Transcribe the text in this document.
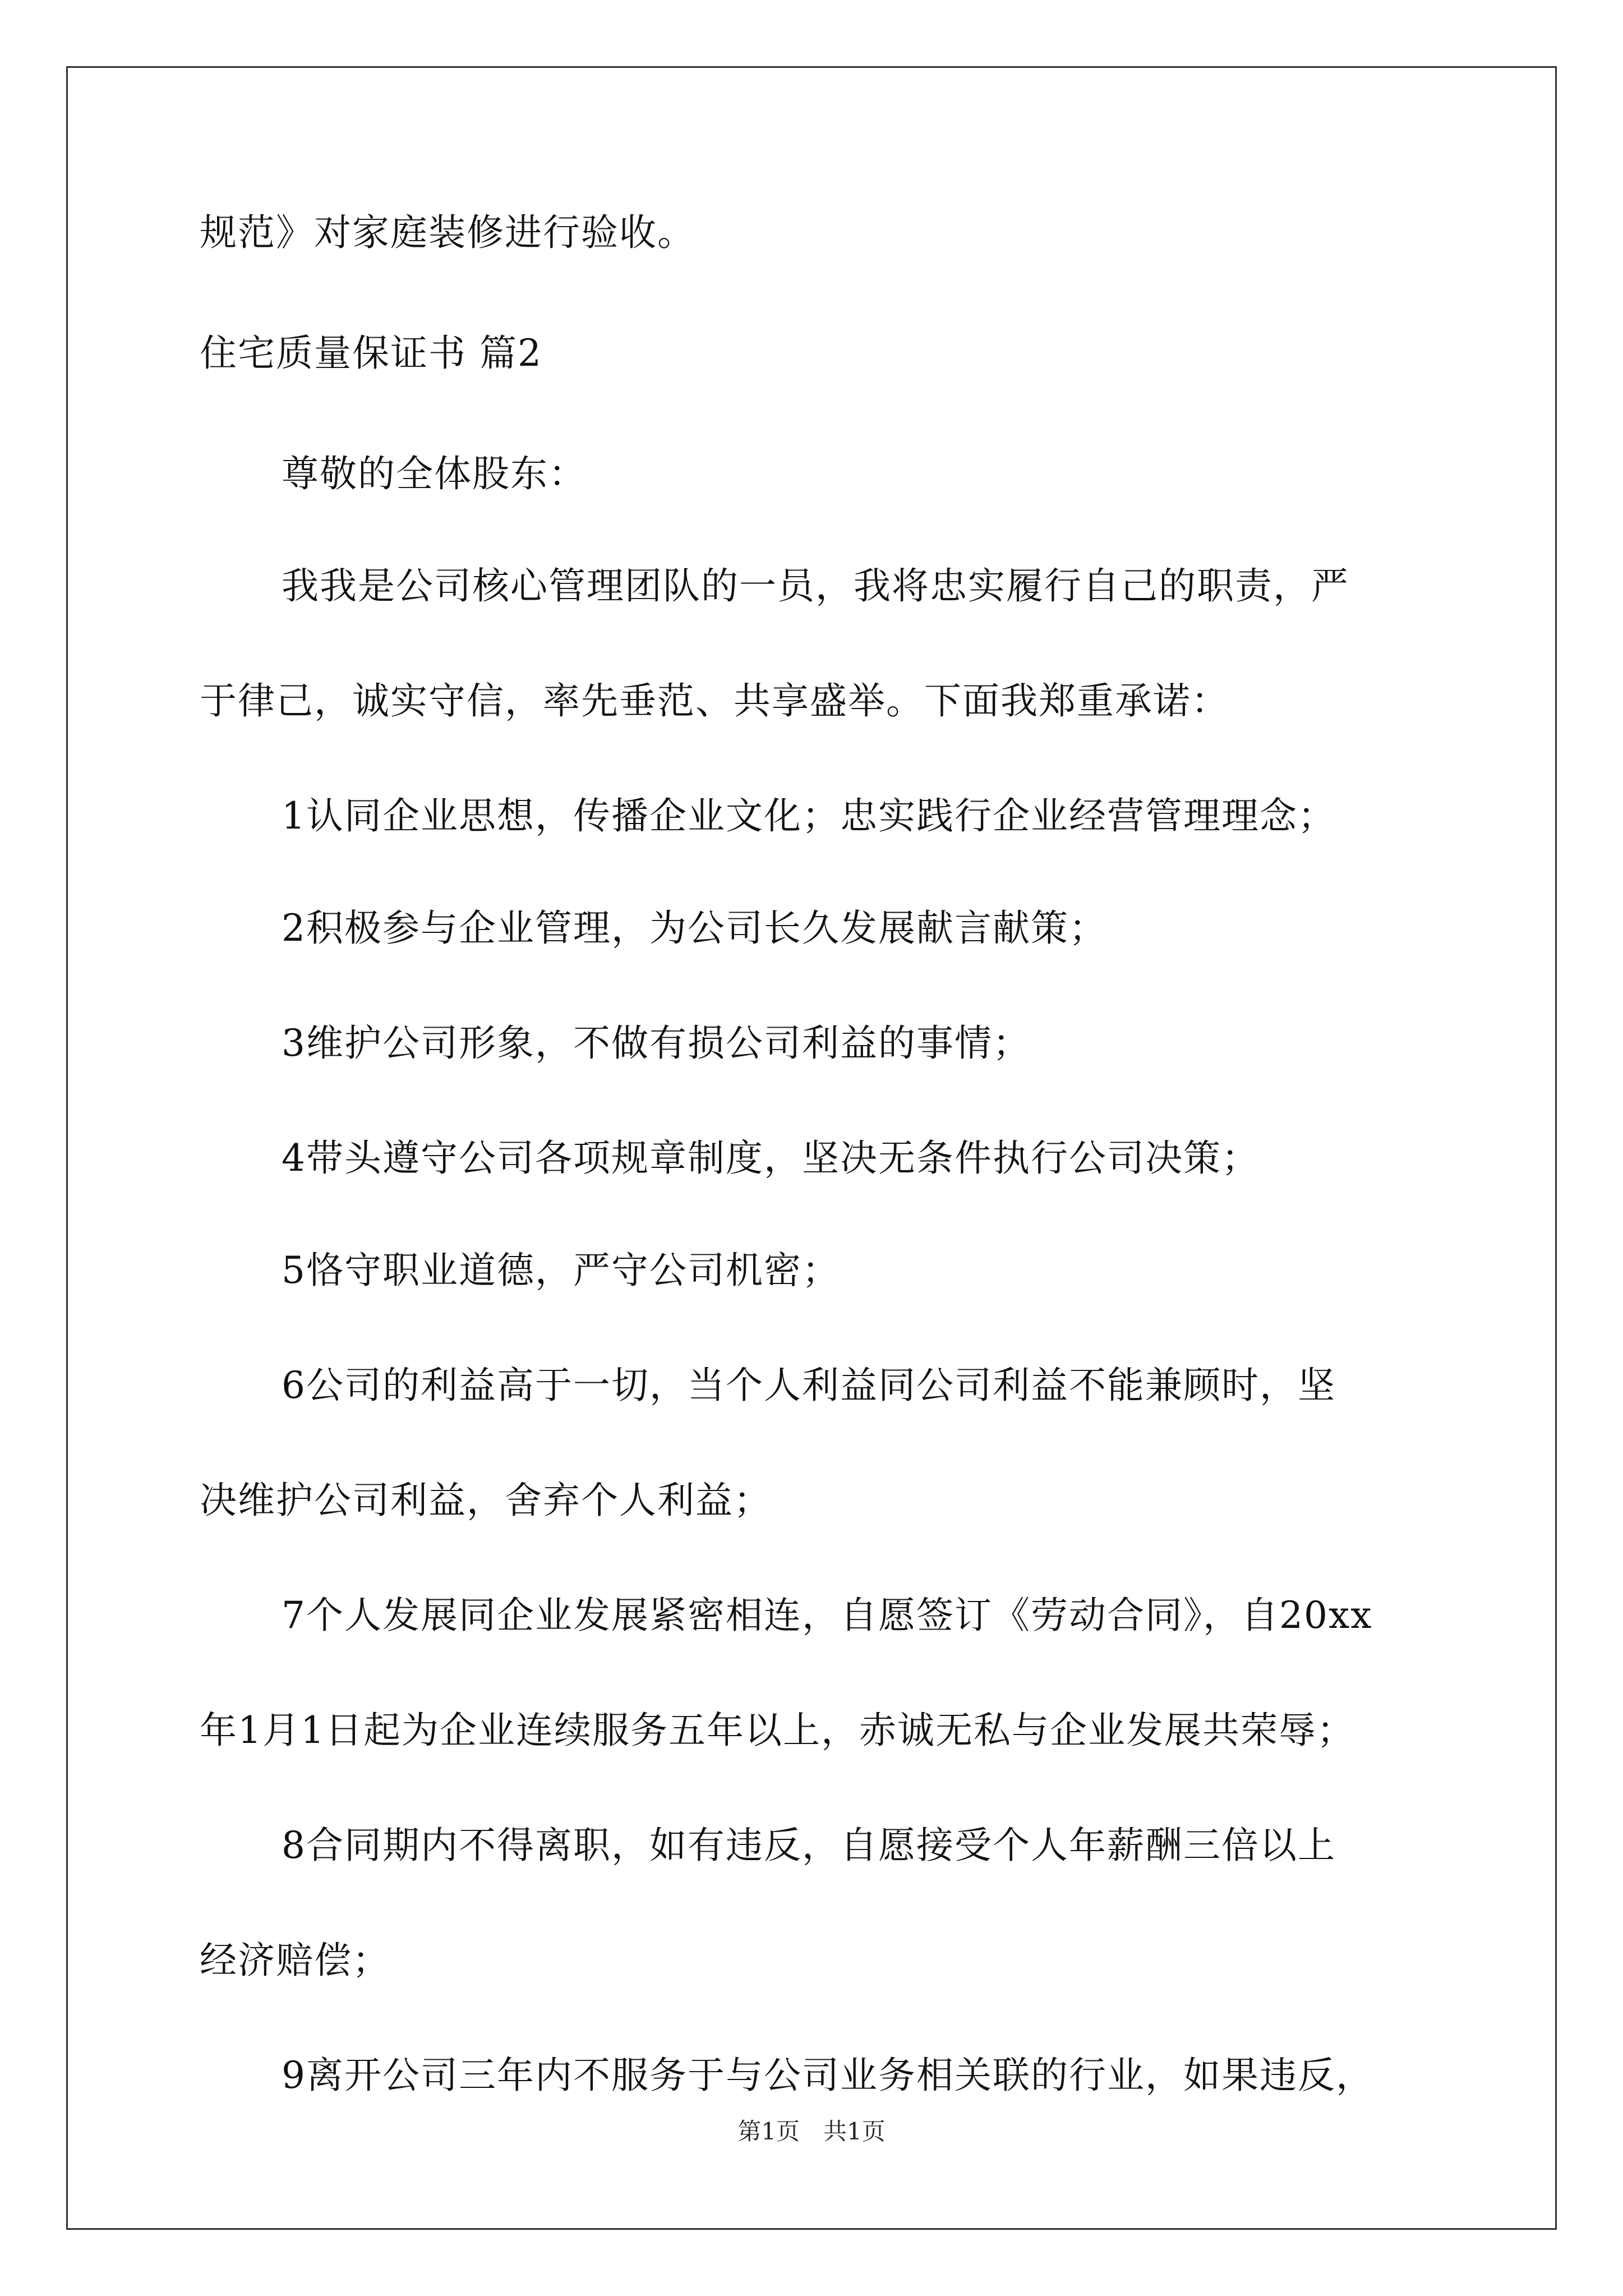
规范》对家庭装修进行验收。
住宅质量保证书 篇2
尊敬的全体股东：
我我是公司核心管理团队的一员，我将忠实履行自己的职责，严
于律己，诚实守信，率先垂范、共享盛举。下面我郑重承诺：
1认同企业思想，传播企业文化；忠实践行企业经营管理理念；
2积极参与企业管理，为公司长久发展献言献策；
3维护公司形象，不做有损公司利益的事情；
4带头遵守公司各项规章制度，坚决无条件执行公司决策；
5恪守职业道德，严守公司机密；
6公司的利益高于一切，当个人利益同公司利益不能兼顾时，坚
决维护公司利益，舍弃个人利益；
7个人发展同企业发展紧密相连，自愿签订《劳动合同》，自20xx
年1月1日起为企业连续服务五年以上，赤诚无私与企业发展共荣辱；
8合同期内不得离职，如有违反，自愿接受个人年薪酬三倍以上
经济赔偿；
9离开公司三年内不服务于与公司业务相关联的行业，如果违反，
第1页　共1页
